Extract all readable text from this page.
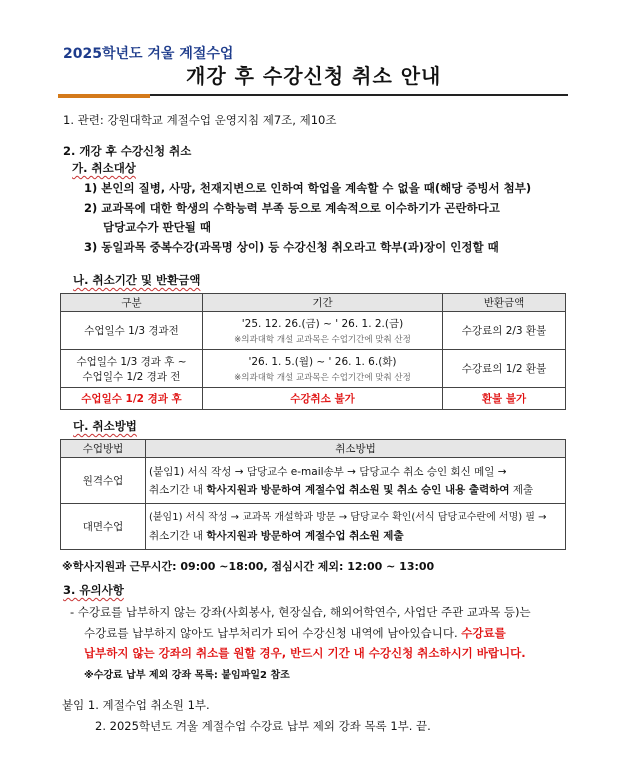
2025학년도 겨울 계절수업
개강 후 수강신청 취소 안내
1. 관련: 강원대학교 계절수업 운영지침 제7조, 제10조
2. 개강 후 수강신청 취소
가. 취소대상
1) 본인의 질병, 사망, 천재지변으로 인하여 학업을 계속할 수 없을 때(해당 증빙서 첨부)
2) 교과목에 대한 학생의 수학능력 부족 등으로 계속적으로 이수하기가 곤란하다고
담당교수가 판단될 때
3) 동일과목 중복수강(과목명 상이) 등 수강신청 취오라고 학부(과)장이 인정할 때
나. 취소기간 및 반환금액
구분	기간	반환금액
수업일수 1/3 경과전	'25. 12. 26.(금) ~ ' 26. 1. 2.(금)
※의과대학 개설 교과목은 수업기간에 맞춰 산정	수강료의 2/3 환불

수업일수 1/3 경과 후 ~
수업일수 1/2 경과 전	'26. 1. 5.(월) ~ ' 26. 1. 6.(화)
※의과대학 개설 교과목은 수업기간에 맞춰 산정	수강료의 1/2 환불
수업일수 1/2 경과 후	수강취소 불가	환불 불가
다. 취소방법
수업방법	취소방법
원격수업	(붙임1) 서식 작성 → 담당교수 e-mail송부 → 담당교수 취소 승인 회신 메일 →
취소기간 내 학사지원과 방문하여 계절수업 취소원 및 취소 승인 내용 출력하여 제출

대면수업	(붙임1) 서식 작성 → 교과목 개설학과 방문 → 담당교수 확인(서식 담당교수란에 서명) 필 →
취소기간 내 학사지원과 방문하여 계절수업 취소원 제출
※학사지원과 근무시간: 09:00 ~18:00, 점심시간 제외: 12:00 ~ 13:00
3. 유의사항
- 수강료를 납부하지 않는 강좌(사회봉사, 현장실습, 해외어학연수, 사업단 주관 교과목 등)는
수강료를 납부하지 않아도 납부처리가 되어 수강신청 내역에 남아있습니다. 수강료를
납부하지 않는 강좌의 취소를 원할 경우, 반드시 기간 내 수강신청 취소하시기 바랍니다.
※수강료 납부 제외 강좌 목록: 붙임파일2 참조
붙임 1. 계절수업 취소원 1부.
2. 2025학년도 겨울 계절수업 수강료 납부 제외 강좌 목록 1부. 끝.
